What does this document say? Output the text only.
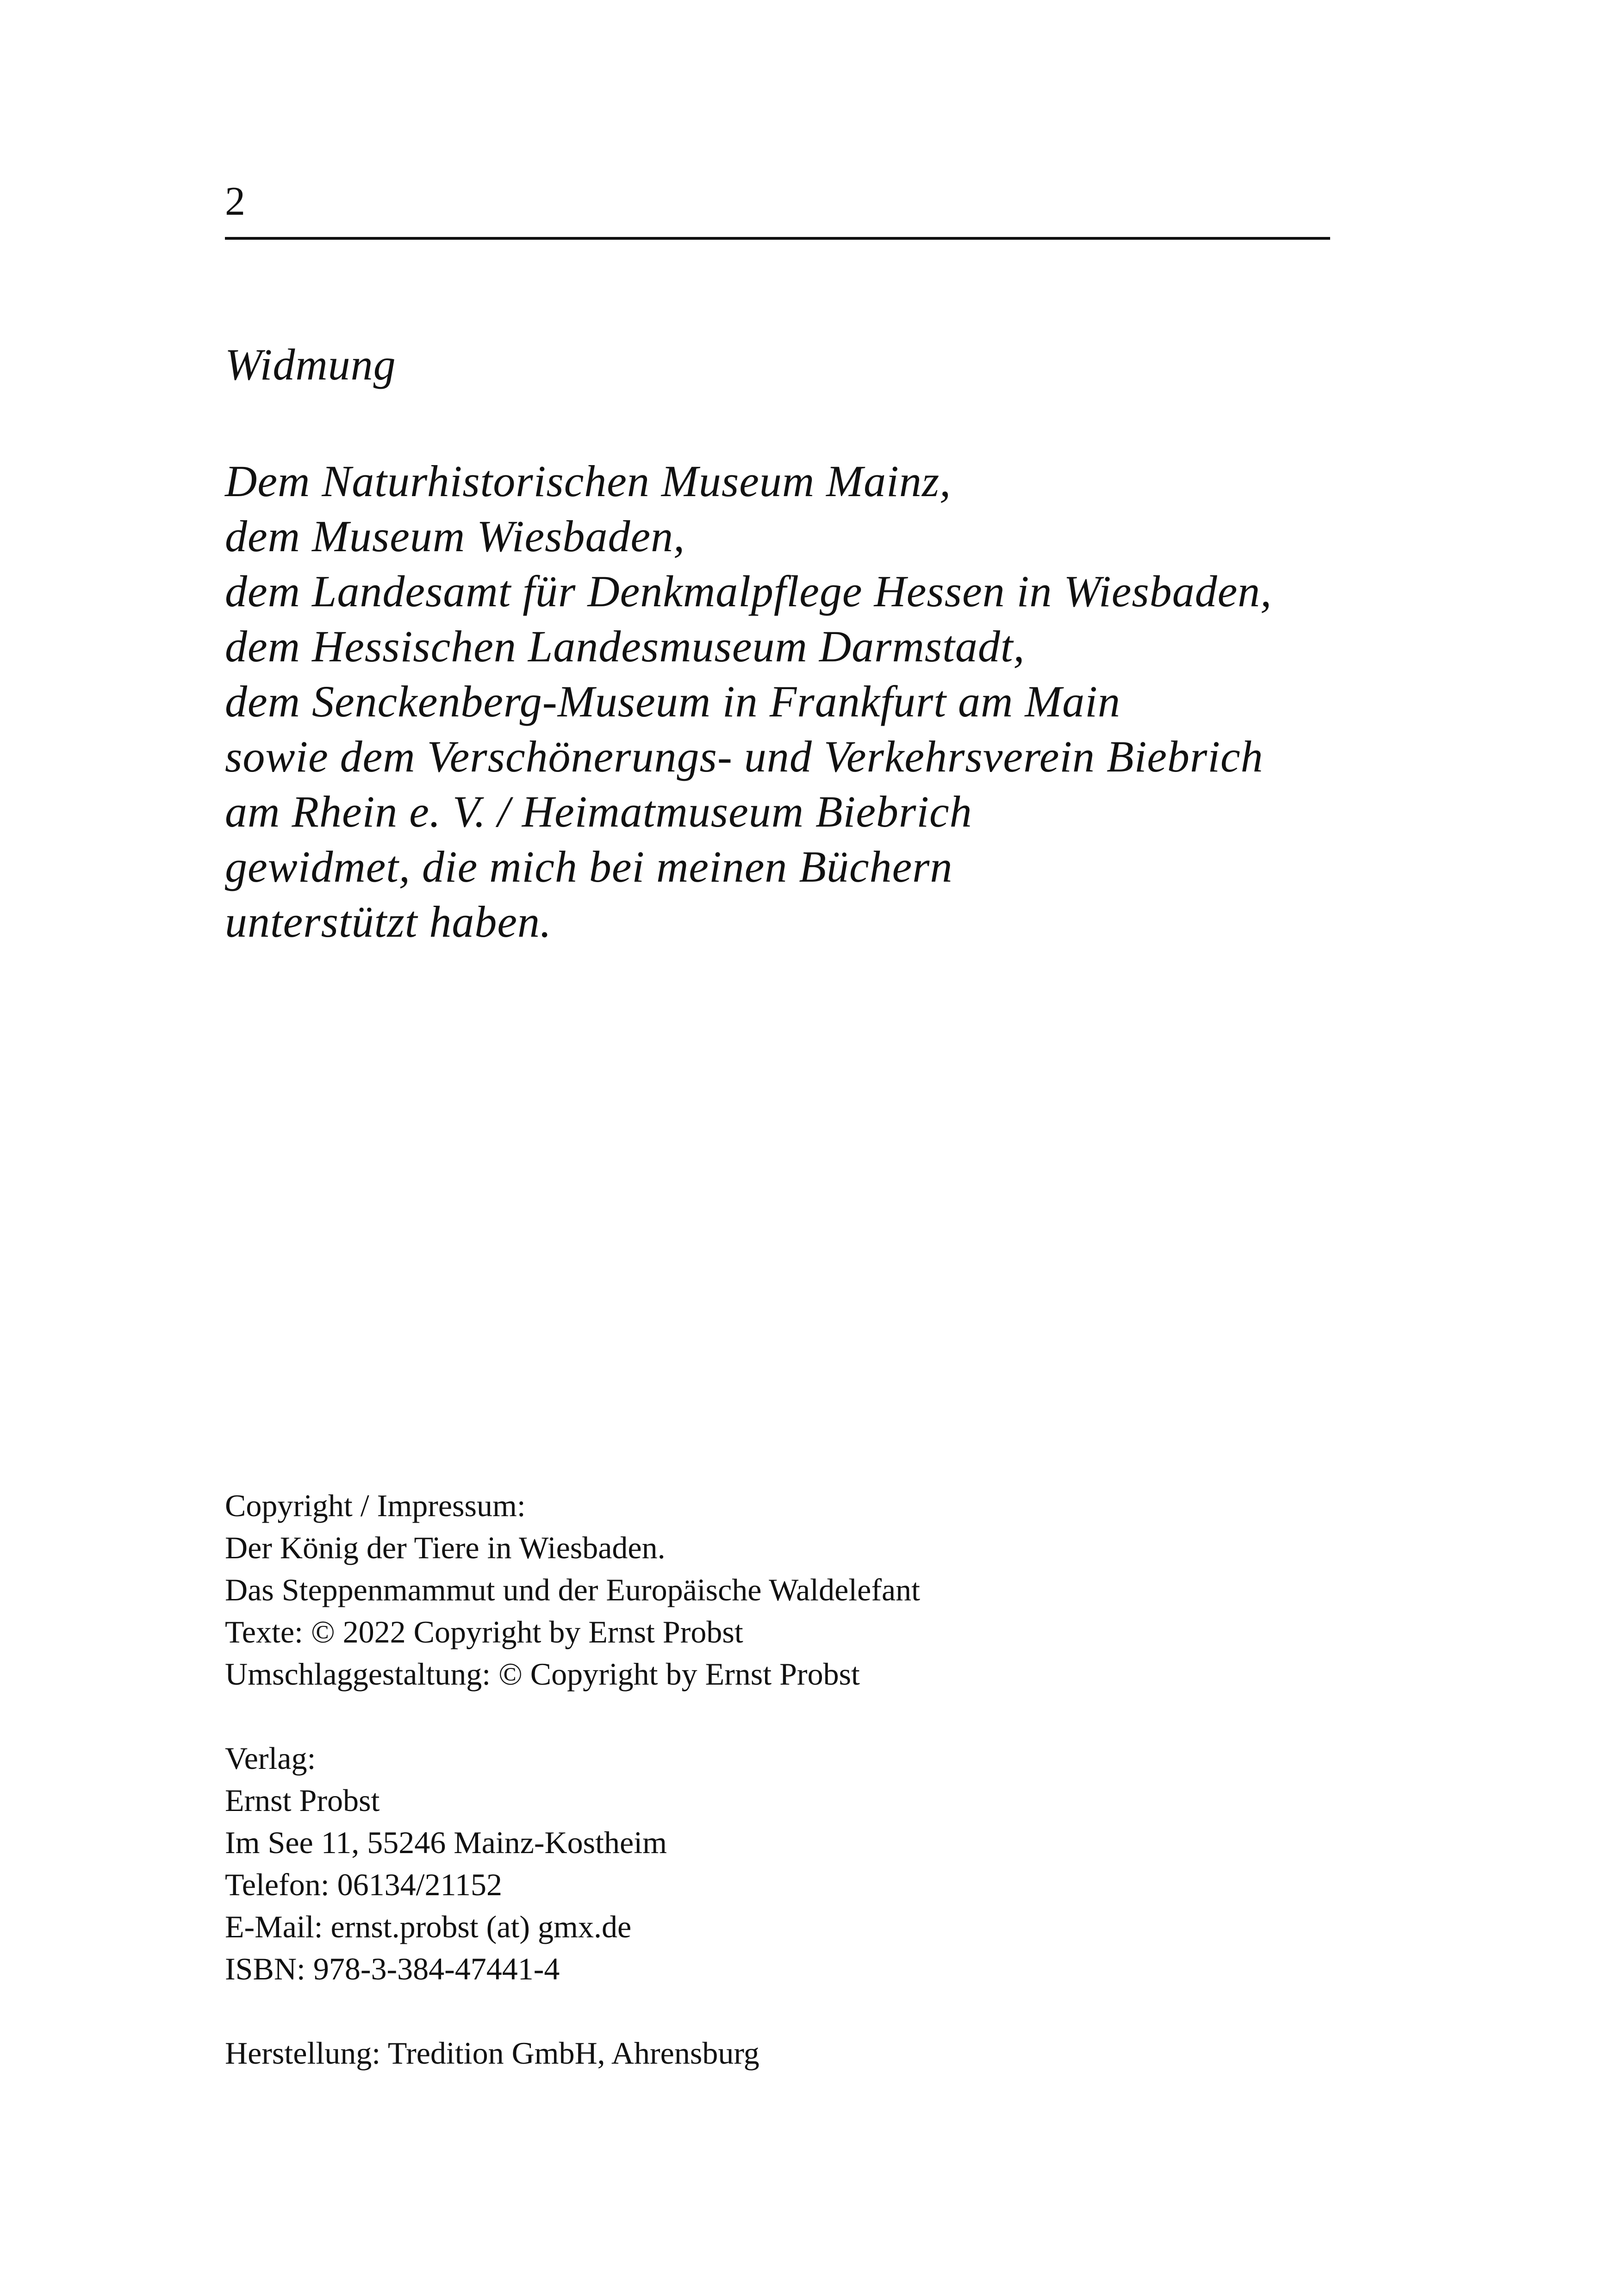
2
Widmung
Dem Naturhistorischen Museum Mainz,
dem Museum Wiesbaden,
dem Landesamt für Denkmalpflege Hessen in Wiesbaden,
dem Hessischen Landesmuseum Darmstadt,
dem Senckenberg-Museum in Frankfurt am Main
sowie dem Verschönerungs- und Verkehrsverein Biebrich
am Rhein e. V. / Heimatmuseum Biebrich
gewidmet, die mich bei meinen Büchern
unterstützt haben.
Copyright / Impressum:
Der König der Tiere in Wiesbaden.
Das Steppenmammut und der Europäische Waldelefant
Texte: © 2022 Copyright by Ernst Probst
Umschlaggestaltung: © Copyright by Ernst Probst
Verlag:
Ernst Probst
Im See 11, 55246 Mainz-Kostheim
Telefon: 06134/21152
E-Mail: ernst.probst (at) gmx.de
ISBN: 978-3-384-47441-4
Herstellung: Tredition GmbH, Ahrensburg
